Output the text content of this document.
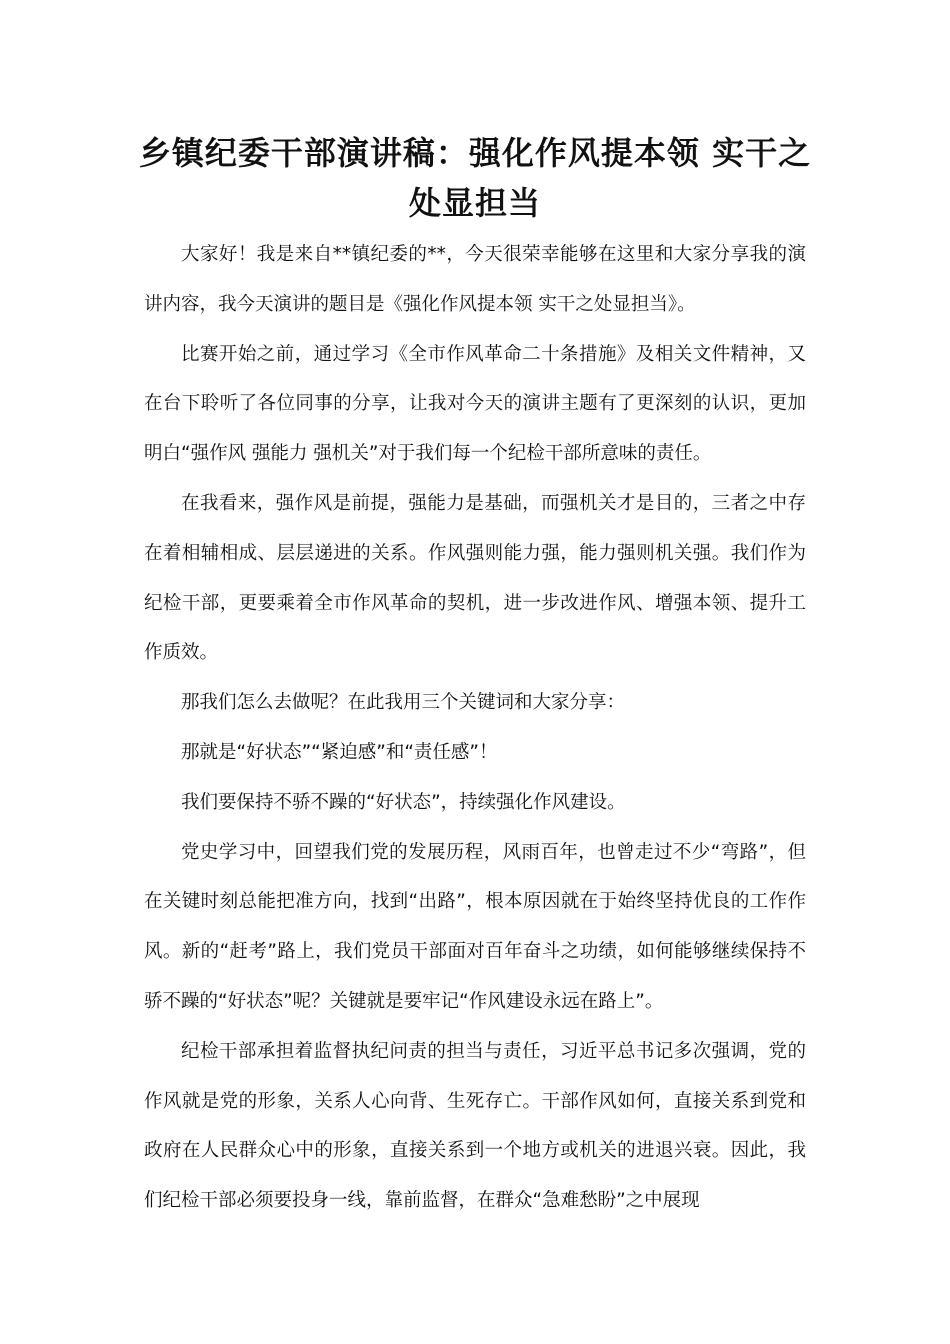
乡镇纪委干部演讲稿：强化作风提本领 实干之处显担当

大家好！我是来自**镇纪委的**，今天很荣幸能够在这里和大家分享我的演讲内容，我今天演讲的题目是《强化作风提本领 实干之处显担当》。

比赛开始之前，通过学习《全市作风革命二十条措施》及相关文件精神，又在台下聆听了各位同事的分享，让我对今天的演讲主题有了更深刻的认识，更加明白“强作风 强能力 强机关”对于我们每一个纪检干部所意味的责任。

在我看来，强作风是前提，强能力是基础，而强机关才是目的，三者之中存在着相辅相成、层层递进的关系。作风强则能力强，能力强则机关强。我们作为纪检干部，更要乘着全市作风革命的契机，进一步改进作风、增强本领、提升工作质效。

那我们怎么去做呢？在此我用三个关键词和大家分享：

那就是“好状态”“紧迫感”和“责任感”！

我们要保持不骄不躁的“好状态”，持续强化作风建设。

党史学习中，回望我们党的发展历程，风雨百年，也曾走过不少“弯路”，但在关键时刻总能把准方向，找到“出路”，根本原因就在于始终坚持优良的工作作风。新的“赶考”路上，我们党员干部面对百年奋斗之功绩，如何能够继续保持不骄不躁的“好状态”呢？关键就是要牢记“作风建设永远在路上”。

纪检干部承担着监督执纪问责的担当与责任，习近平总书记多次强调，党的作风就是党的形象，关系人心向背、生死存亡。干部作风如何，直接关系到党和政府在人民群众心中的形象，直接关系到一个地方或机关的进退兴衰。因此，我们纪检干部必须要投身一线，靠前监督，在群众“急难愁盼”之中展现
